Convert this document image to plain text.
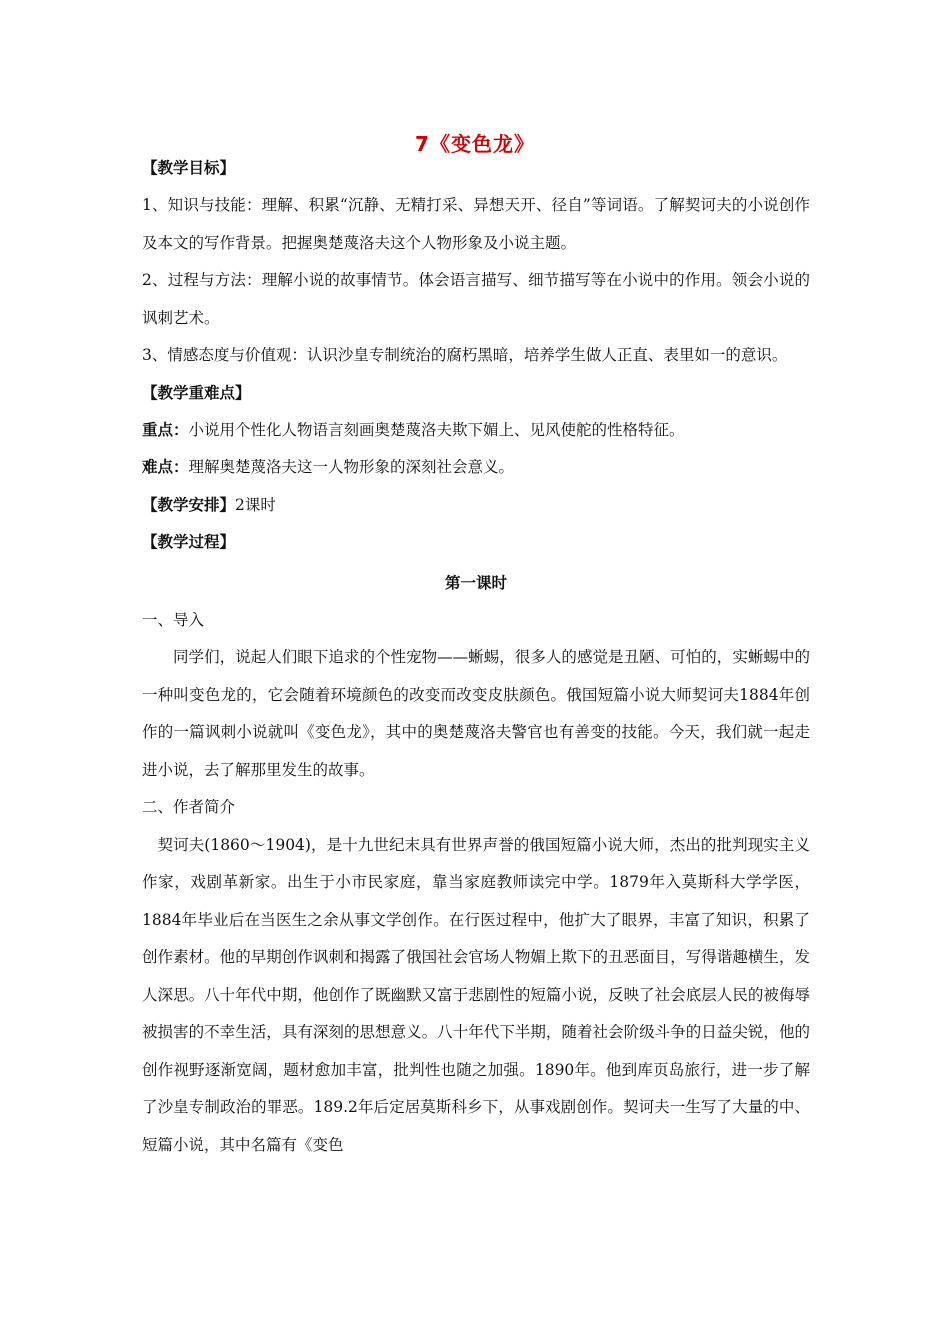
7《变色龙》
【教学目标】

1、知识与技能：理解、积累“沉静、无精打采、异想天开、径自”等词语。了解契诃夫的小说创作及本文的写作背景。把握奥楚蔑洛夫这个人物形象及小说主题。

2、过程与方法：理解小说的故事情节。体会语言描写、细节描写等在小说中的作用。领会小说的讽刺艺术。

3、情感态度与价值观：认识沙皇专制统治的腐朽黑暗，培养学生做人正直、表里如一的意识。

【教学重难点】

重点：小说用个性化人物语言刻画奥楚蔑洛夫欺下媚上、见风使舵的性格特征。

难点：理解奥楚蔑洛夫这一人物形象的深刻社会意义。

【教学安排】2课时
【教学过程】
第一课时

一、导入

同学们，说起人们眼下追求的个性宠物——蜥蜴，很多人的感觉是丑陋、可怕的，实蜥蜴中的一种叫变色龙的，它会随着环境颜色的改变而改变皮肤颜色。俄国短篇小说大师契诃夫1884年创作的一篇讽刺小说就叫《变色龙》，其中的奥楚蔑洛夫警官也有善变的技能。今天，我们就一起走进小说，去了解那里发生的故事。

二、作者简介

契诃夫(1860～1904)，是十九世纪末具有世界声誉的俄国短篇小说大师，杰出的批判现实主义作家，戏剧革新家。出生于小市民家庭，靠当家庭教师读完中学。1879年入莫斯科大学学医，1884年毕业后在当医生之余从事文学创作。在行医过程中，他扩大了眼界，丰富了知识，积累了创作素材。他的早期创作讽刺和揭露了俄国社会官场人物媚上欺下的丑恶面目，写得谐趣横生，发人深思。八十年代中期，他创作了既幽默又富于悲剧性的短篇小说，反映了社会底层人民的被侮辱被损害的不幸生活，具有深刻的思想意义。八十年代下半期，随着社会阶级斗争的日益尖锐，他的创作视野逐渐宽阔，题材愈加丰富，批判性也随之加强。1890年。他到库页岛旅行，进一步了解了沙皇专制政治的罪恶。189.2年后定居莫斯科乡下，从事戏剧创作。契诃夫一生写了大量的中、短篇小说，其中名篇有《变色
